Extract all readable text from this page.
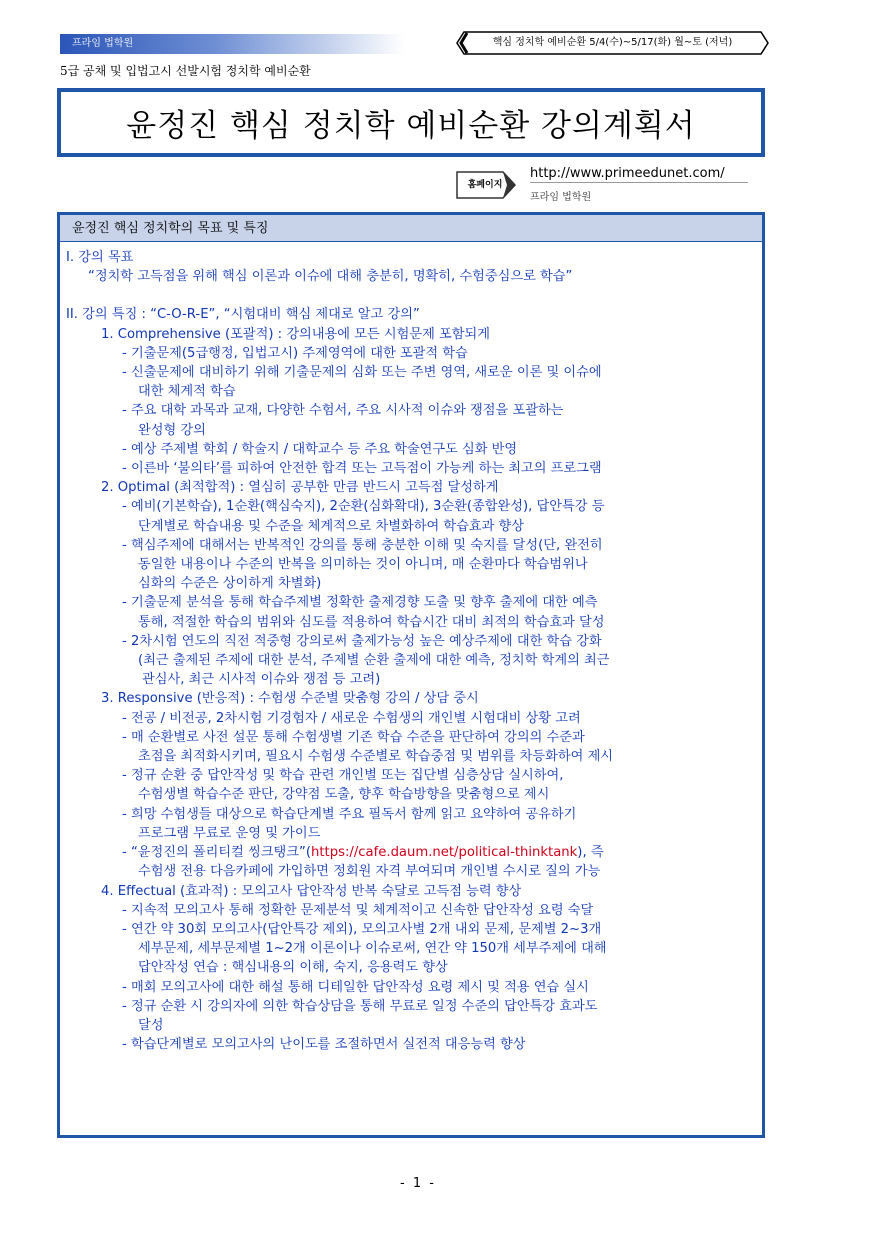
프라임 법학원	핵심 정치학 예비순환 5/4(수)~5/17(화) 월~토 (저녁)
5급 공채 및 입법고시 선발시험 정치학 예비순환
윤정진 핵심 정치학 예비순환 강의계획서
홈페이지
http://www.primeedunet.com/
프라임 법학원
윤정진 핵심 정치학의 목표 및 특징

I. 강의 목표

“정치학 고득점을 위해 핵심 이론과 이슈에 대해 충분히, 명확히, 수험중심으로 학습”

II. 강의 특징 : “C-O-R-E”, “시험대비 핵심 제대로 알고 강의”

1. Comprehensive (포괄적) : 강의내용에 모든 시험문제 포함되게

- 기출문제(5급행정, 입법고시) 주제영역에 대한 포괄적 학습

- 신출문제에 대비하기 위해 기출문제의 심화 또는 주변 영역, 새로운 이론 및 이슈에

대한 체계적 학습

- 주요 대학 과목과 교재, 다양한 수험서, 주요 시사적 이슈와 쟁점을 포괄하는

완성형 강의

- 예상 주제별 학회 / 학술지 / 대학교수 등 주요 학술연구도 심화 반영

- 이른바 ‘불의타’를 피하여 안전한 합격 또는 고득점이 가능케 하는 최고의 프로그램

2. Optimal (최적합적) : 열심히 공부한 만큼 반드시 고득점 달성하게

- 예비(기본학습), 1순환(핵심숙지), 2순환(심화확대), 3순환(종합완성), 답안특강 등

단계별로 학습내용 및 수준을 체계적으로 차별화하여 학습효과 향상

- 핵심주제에 대해서는 반복적인 강의를 통해 충분한 이해 및 숙지를 달성(단, 완전히

동일한 내용이나 수준의 반복을 의미하는 것이 아니며, 매 순환마다 학습범위나

심화의 수준은 상이하게 차별화)

- 기출문제 분석을 통해 학습주제별 정확한 출제경향 도출 및 향후 출제에 대한 예측

통해, 적절한 학습의 범위와 심도를 적용하여 학습시간 대비 최적의 학습효과 달성

- 2차시험 연도의 직전 적중형 강의로써 출제가능성 높은 예상주제에 대한 학습 강화

(최근 출제된 주제에 대한 분석, 주제별 순환 출제에 대한 예측, 정치학 학계의 최근

관심사, 최근 시사적 이슈와 쟁점 등 고려)

3. Responsive (반응적) : 수험생 수준별 맞춤형 강의 / 상담 중시

- 전공 / 비전공, 2차시험 기경험자 / 새로운 수험생의 개인별 시험대비 상황 고려

- 매 순환별로 사전 설문 통해 수험생별 기존 학습 수준을 판단하여 강의의 수준과

초점을 최적화시키며, 필요시 수험생 수준별로 학습중점 및 범위를 차등화하여 제시

- 정규 순환 중 답안작성 및 학습 관련 개인별 또는 집단별 심층상담 실시하여,

수험생별 학습수준 판단, 강약점 도출, 향후 학습방향을 맞춤형으로 제시

- 희망 수험생들 대상으로 학습단계별 주요 필독서 함께 읽고 요약하여 공유하기

프로그램 무료로 운영 및 가이드

- “윤정진의 폴리티컬 씽크탱크”(https://cafe.daum.net/political-thinktank), 즉

수험생 전용 다음카페에 가입하면 정회원 자격 부여되며 개인별 수시로 질의 가능

4. Effectual (효과적) : 모의고사 답안작성 반복 숙달로 고득점 능력 향상

- 지속적 모의고사 통해 정확한 문제분석 및 체계적이고 신속한 답안작성 요령 숙달

- 연간 약 30회 모의고사(답안특강 제외), 모의고사별 2개 내외 문제, 문제별 2~3개

세부문제, 세부문제별 1~2개 이론이나 이슈로써, 연간 약 150개 세부주제에 대해

답안작성 연습 : 핵심내용의 이해, 숙지, 응용력도 향상

- 매회 모의고사에 대한 해설 통해 디테일한 답안작성 요령 제시 및 적용 연습 실시

- 정규 순환 시 강의자에 의한 학습상담을 통해 무료로 일정 수준의 답안특강 효과도

달성

- 학습단계별로 모의고사의 난이도를 조절하면서 실전적 대응능력 향상

- 1 -
